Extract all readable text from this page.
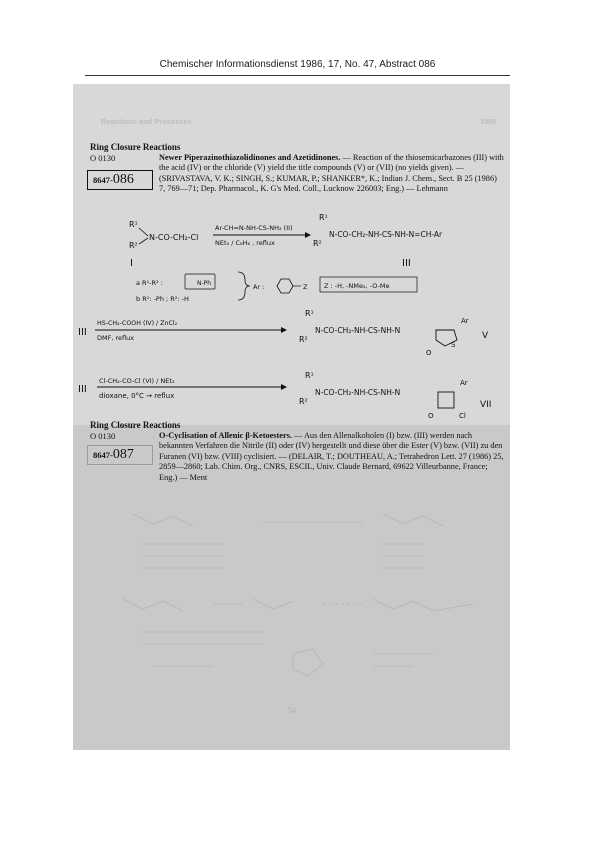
Chemischer Informationsdienst 1986, 17, No. 47, Abstract 086
Reactions and Processes	1986
Ring Closure Reactions
O 0130
8647- 086

Newer Piperazinothiazolidinones and Azetidinones. — Reaction of the thiosemicarbazones (III) with the acid (IV) or the chloride (V) yield the title compounds (V) or (VII) (no yields given). — (SRIVASTAVA, V. K.; SINGH, S.; KUMAR, P.; SHANKER*, K.; Indian J. Chem., Sect. B 25 (1986) 7, 769—71; Dep. Pharmacol., K. G's Med. Coll., Lucknow 226003; Eng.) — Lehmann

R¹
R²
N-CO-CH₂-Cl
Ar-CH=N-NH-CS-NH₂ (II)
NEt₃ / C₆H₆ , reflux
R¹
R²
N-CO-CH₂-NH-CS-NH-N=CH-Ar
I	III
a R¹-R² :	N-Ph
b R¹: -Ph ; R²: -H
Ar :	Z	Z : -H, -NMe₂, -O-Me
III
HS-CH₂-COOH (IV) / ZnCl₂
DMF, reflux
R¹
R²
N-CO-CH₂-NH-CS-NH-N
Ar
S
O
V
III
Cl-CH₂-CO-Cl (VI) / NEt₃
dioxane, 0°C → reflux
R¹
R²
N-CO-CH₂-NH-CS-NH-N
Ar
Cl
O
VII
Ring Closure Reactions
O 0130
8647- 087

O-Cyclisation of Allenic β-Ketoesters. — Aus den Allenalkoholen (I) bzw. (III) werden nach bekannten Verfahren die Nitrile (II) oder (IV) hergestellt und diese über die Ester (V) bzw. (VII) zu den Furanen (VI) bzw. (VIII) cyclisiert. — (DELAIR, T.; DOUTHEAU, A.; Tetrahedron Lett. 27 (1986) 25, 2859—2860; Lab. Chim. Org., CNRS, ESCIL, Univ. Claude Bernard, 69622 Villeurbanne, France; Eng.) — Ment

54
